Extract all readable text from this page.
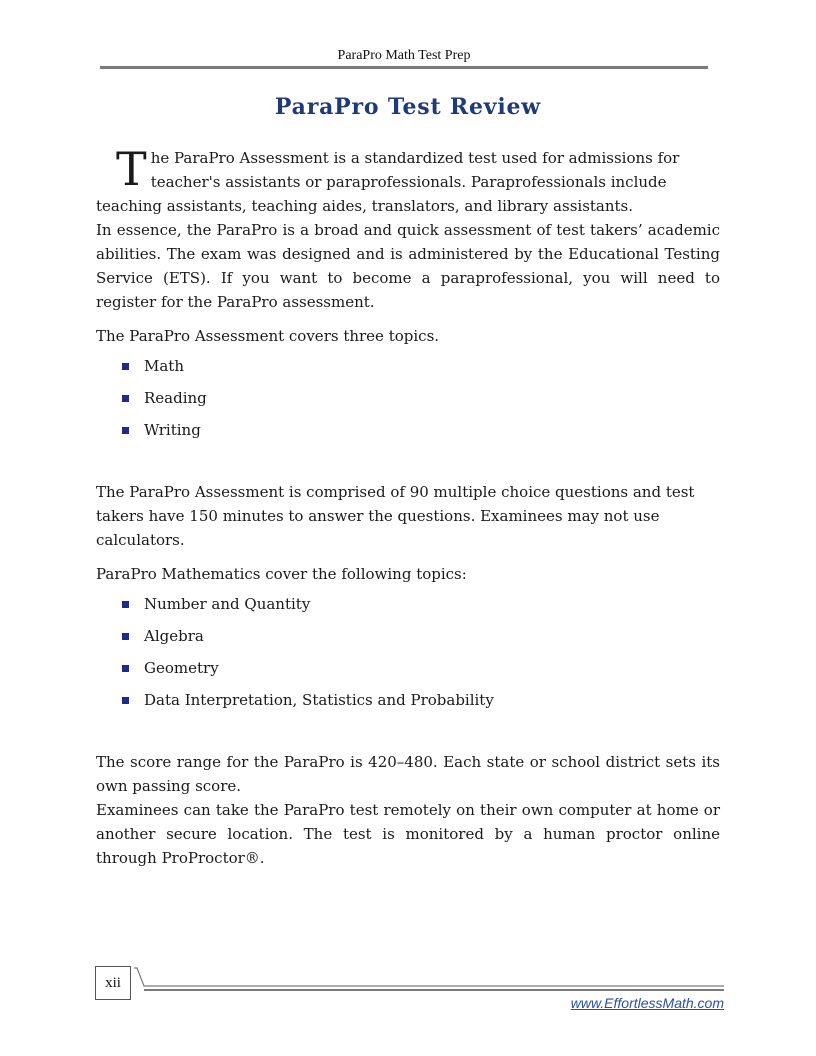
ParaPro Math Test Prep
ParaPro Test Review

The ParaPro Assessment is a standardized test used for admissions for teacher's assistants or paraprofessionals. Paraprofessionals include teaching assistants, teaching aides, translators, and library assistants.

In essence, the ParaPro is a broad and quick assessment of test takers’ academic abilities. The exam was designed and is administered by the Educational Testing Service (ETS). If you want to become a paraprofessional, you will need to register for the ParaPro assessment.

The ParaPro Assessment covers three topics.

Math
Reading
Writing

The ParaPro Assessment is comprised of 90 multiple choice questions and test takers have 150 minutes to answer the questions. Examinees may not use calculators.

ParaPro Mathematics cover the following topics:

Number and Quantity
Algebra
Geometry
Data Interpretation, Statistics and Probability

The score range for the ParaPro is 420–480. Each state or school district sets its own passing score.

Examinees can take the ParaPro test remotely on their own computer at home or another secure location. The test is monitored by a human proctor online through ProProctor®.

xii
www.EffortlessMath.com
